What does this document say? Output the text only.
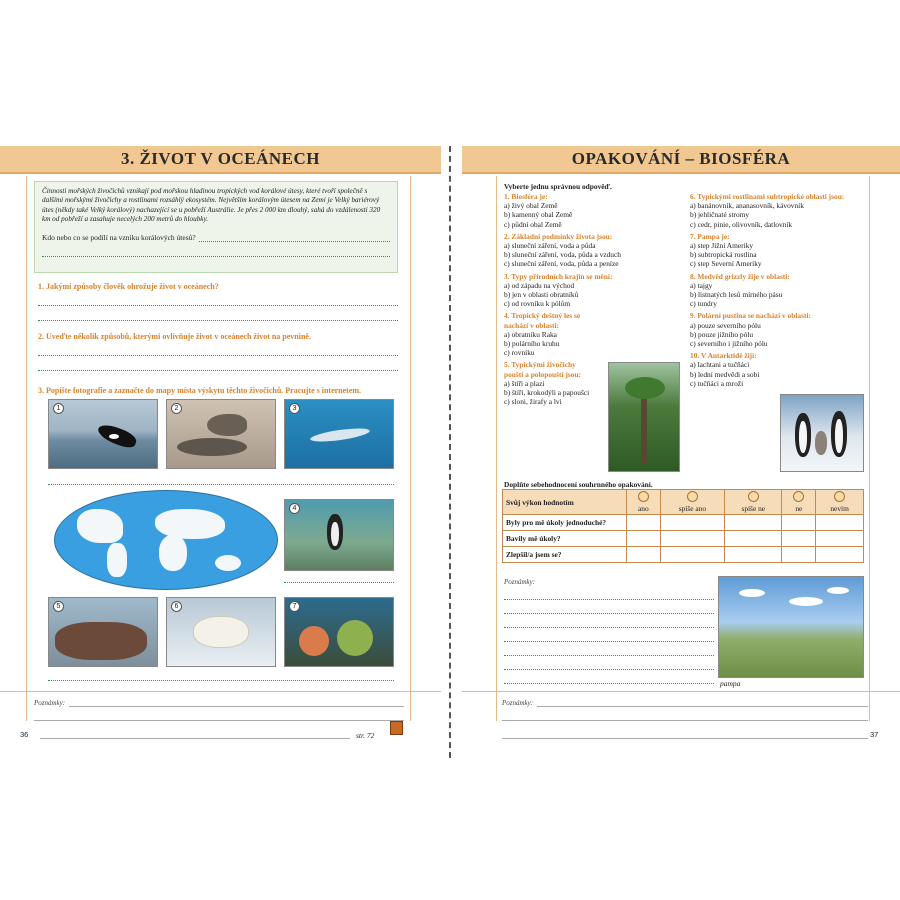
3. ŽIVOT V OCEÁNECH
Činnosti mořských živočichů vznikají pod mořskou hladinou tropických vod korálové útesy, které tvoří společně s dalšími mořskými živočichy a rostlinami rozsáhlý ekosystém. Největším korálovým útesem na Zemi je Velký bariérový útes (někdy také Velký korálový) nachazející se u pobřeží Austrálie. Je přes 2 000 km dlouhý, sahá do vzdálenosti 320 km od pobřeží a zasahuje necelých 200 metrů do hloubky.
Kdo nebo co se podílí na vzniku korálových útesů?
1. Jakými způsoby člověk ohrožuje život v oceánech?
2. Uveďte několik způsobů, kterými ovlivňuje život v oceánech život na pevnině.
3. Popište fotografie a zaznačte do mapy místa výskytu těchto živočichů. Pracujte s internetem.
1	2	3
4
5	6	7
Poznámky:
36	str. 72
OPAKOVÁNÍ – BIOSFÉRA
Vyberte jednu správnou odpověď.
1. Biosféra je:
a) živý obal Země
b) kamenný obal Země
c) půdní obal Země
2. Základní podmínky života jsou:
a) sluneční záření, voda a půda
b) sluneční záření, voda, půda a vzduch
c) sluneční záření, voda, půda a peníze
3. Typy přírodních krajin se mění:
a) od západu na východ
b) jen v oblasti obratníků
c) od rovníku k pólům
4. Tropický deštný les se nachází v oblasti:
a) obratníku Raka
b) polárního kruhu
c) rovníku
5. Typickými živočichy pouští a polopouští jsou:
a) štíři a plazi
b) štíři, krokodýli a papoušci
c) sloni, žirafy a lvi
6. Typickými rostlinami subtropické oblasti jsou:
a) banánovník, ananasovník, kávovník
b) jehličnaté stromy
c) cedr, pinie, olivovník, datlovník
7. Pampa je:
a) step Jižní Ameriky
b) subtropická rostlina
c) step Severní Ameriky
8. Medvěd grizzly žije v oblasti:
a) tajgy
b) listnatých lesů mírného pásu
c) tundry
9. Polární pustina se nachází v oblasti:
a) pouze severního pólu
b) pouze jižního pólu
c) severního i jižního pólu
10. V Antarktidě žijí:
a) lachtani a tučňáci
b) lední medvědi a sobi
c) tučňáci a mroži
Doplňte sebehodnocení souhrnného opakování.
Svůj výkon hodnotím	ano	spíše ano	spíše ne	ne	nevím

Byly pro mě úkoly jednoduché?					
Bavily mě úkoly?					
Zlepšil/a jsem se?					
Poznámky:
pampa
Poznámky:
37
